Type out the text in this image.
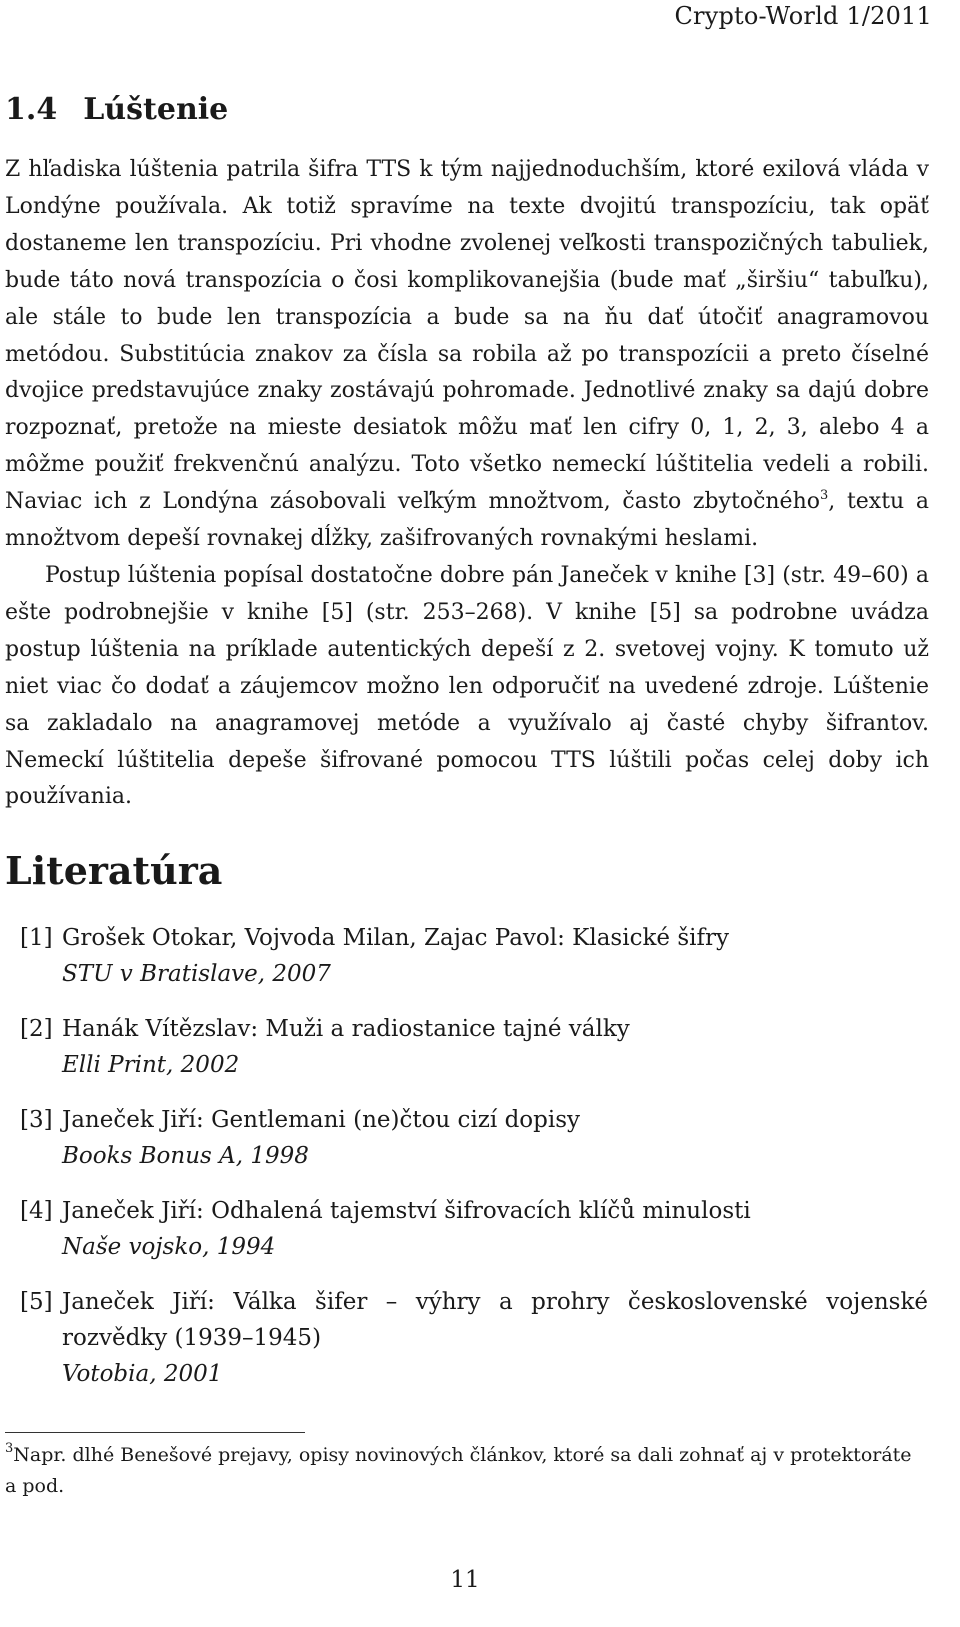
Crypto-World 1/2011
1.4 Lúštenie

Z hľadiska lúštenia patrila šifra TTS k tým najjednoduchším, ktoré exilová vláda v Londýne používala. Ak totiž spravíme na texte dvojitú transpozíciu, tak opäť dostaneme len transpozíciu. Pri vhodne zvolenej veľkosti transpozičných tabuliek, bude táto nová transpozícia o čosi komplikovanejšia (bude mať „širšiu“ tabuľku), ale stále to bude len transpozícia a bude sa na ňu dať útočiť anagramovou metódou. Substitúcia znakov za čísla sa robila až po transpozícii a preto číselné dvojice predstavujúce znaky zostávajú pohromade. Jednotlivé znaky sa dajú dobre rozpoznať, pretože na mieste desiatok môžu mať len cifry 0, 1, 2, 3, alebo 4 a môžme použiť frekvenčnú analýzu. Toto všetko nemeckí lúštitelia vedeli a robili. Naviac ich z Londýna zásobovali veľkým množtvom, často zbytočného$^3$, textu a množtvom depeší rovnakej dĺžky, zašifrovaných rovnakými heslami.

Postup lúštenia popísal dostatočne dobre pán Janeček v knihe [3] (str. 49–60) a ešte podrobnejšie v knihe [5] (str. 253–268). V knihe [5] sa podrobne uvádza postup lúštenia na príklade autentických depeší z 2. svetovej vojny. K tomuto už niet viac čo dodať a záujemcov možno len odporučiť na uvedené zdroje. Lúštenie sa zakladalo na anagramovej metóde a využívalo aj časté chyby šifrantov. Nemeckí lúštitelia depeše šifrované pomocou TTS lúštili počas celej doby ich používania.

Literatúra
[1] Grošek Otokar, Vojvoda Milan, Zajac Pavol: Klasické šifry
STU v Bratislave, 2007
[2] Hanák Vítězslav: Muži a radiostanice tajné války
Elli Print, 2002
[3] Janeček Jiří: Gentlemani (ne)čtou cizí dopisy
Books Bonus A, 1998
[4] Janeček Jiří: Odhalená tajemství šifrovacích klíčů minulosti
Naše vojsko, 1994
[5] Janeček Jiří: Válka šifer – výhry a prohry československé vojenské rozvědky (1939–1945)
Votobia, 2001
$^3$Napr. dlhé Benešové prejavy, opisy novinových článkov, ktoré sa dali zohnať aj v protektoráte a pod.
11
